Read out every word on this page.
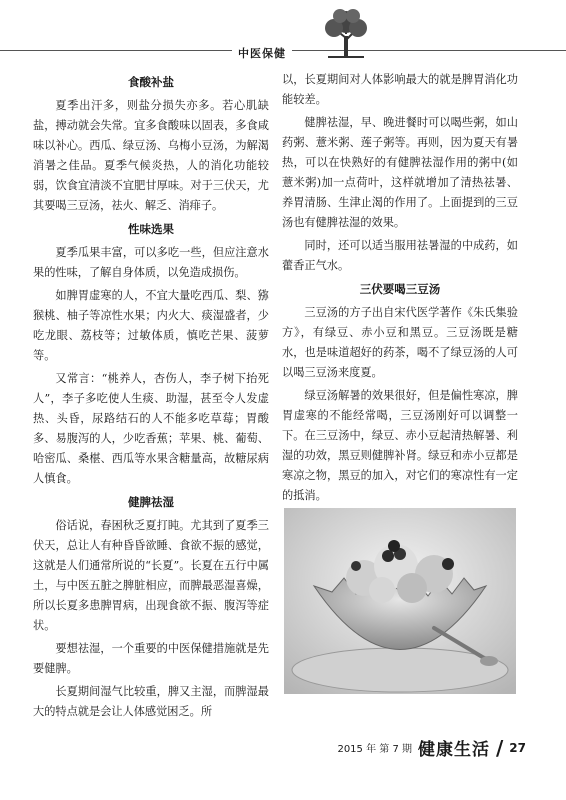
中医保健
食酸补盐

夏季出汗多，则盐分损失亦多。若心肌缺盐，搏动就会失常。宜多食酸味以固表，多食咸味以补心。西瓜、绿豆汤、乌梅小豆汤，为解渴消暑之佳品。夏季气候炎热，人的消化功能较弱，饮食宜清淡不宜肥甘厚味。对于三伏天，尤其要喝三豆汤，祛火、解乏、消痱子。

性味选果

夏季瓜果丰富，可以多吃一些，但应注意水果的性味，了解自身体质，以免造成损伤。

如脾胃虚寒的人，不宜大量吃西瓜、梨、猕猴桃、柚子等凉性水果；内火大、痰湿盛者，少吃龙眼、荔枝等；过敏体质，慎吃芒果、菠萝等。

又常言：“桃养人，杏伤人，李子树下抬死人”，李子多吃使人生痰、助湿，甚至令人发虚热、头昏，尿路结石的人不能多吃草莓；胃酸多、易腹泻的人，少吃香蕉；苹果、桃、葡萄、哈密瓜、桑椹、西瓜等水果含糖量高，故糖尿病人慎食。

健脾祛湿

俗话说，春困秋乏夏打盹。尤其到了夏季三伏天，总让人有种昏昏欲睡、食欲不振的感觉，这就是人们通常所说的“长夏”。长夏在五行中属土，与中医五脏之脾脏相应，而脾最恶湿喜燥，所以长夏多患脾胃病，出现食欲不振、腹泻等症状。

要想祛湿，一个重要的中医保健措施就是先要健脾。

长夏期间湿气比较重，脾又主湿，而脾湿最大的特点就是会让人体感觉困乏。所

以，长夏期间对人体影响最大的就是脾胃消化功能较差。

健脾祛湿，早、晚进餐时可以喝些粥，如山药粥、薏米粥、莲子粥等。再则，因为夏天有暑热，可以在快熟好的有健脾祛湿作用的粥中(如薏米粥)加一点荷叶，这样就增加了清热祛暑、养胃清肠、生津止渴的作用了。上面提到的三豆汤也有健脾祛湿的效果。

同时，还可以适当服用祛暑湿的中成药，如藿香正气水。

三伏要喝三豆汤

三豆汤的方子出自宋代医学著作《朱氏集验方》，有绿豆、赤小豆和黑豆。三豆汤既是糖水，也是味道超好的药茶，喝不了绿豆汤的人可以喝三豆汤来度夏。

绿豆汤解暑的效果很好，但是偏性寒凉，脾胃虚寒的不能经常喝，三豆汤刚好可以调整一下。在三豆汤中，绿豆、赤小豆起清热解暑、利湿的功效，黑豆则健脾补肾。绿豆和赤小豆都是寒凉之物，黑豆的加入，对它们的寒凉性有一定的抵消。

2015 年 第 7 期 健康生活 / 27
